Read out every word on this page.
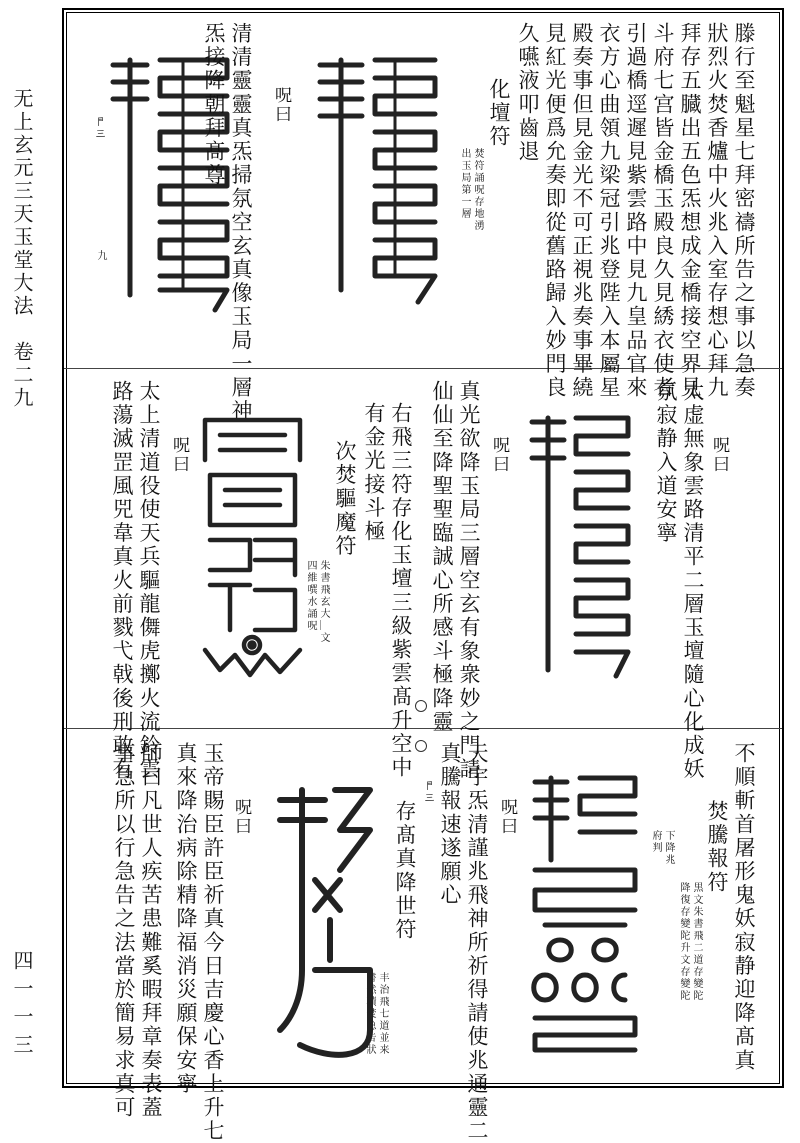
无上玄元三天玉堂大法　卷二九
四一一三
滕行至魁星七拜密禱所告之事以急奏
狀烈火焚香爐中火兆入室存想心拜九
拜存五臓出五色炁想成金橋接空界見
斗府七宫皆金橋玉殿良久見綉衣使者
引過橋逕遲見紫雲路中見九皇品官來
衣方心曲領九梁冠引兆登陛入本屬星
殿奏事但見金光不可正視兆奏事畢繞
見紅光便爲允奏即從舊路歸入妙門良
久嚥液叩齒退
化壇符
焚符誦呪存地湧
出玉局第一層
呪曰
𠁣三
九	清清靈靈真炁掃氛空玄真像玉局一層神
炁接降朝拜髙尊
呪曰
太虚無象雲路清平二層玉壇隨心化成妖
氛寂静入道安寧
呪曰
真光欲降玉局三層空玄有象衆妙之門請
仙仙至降聖聖臨誠心所感斗極降靈
右飛三符存化玉壇三級紫雲髙升空中
有金光接斗極
次焚驅魔符
朱書飛玄大＿文
四維噀水誦呪
呪曰
太上清道役使天兵驅龍儛虎擲火流鈴雲
路蕩滅罡風兕韋真火前戮弋戟後刑敢有
不順斬首屠形鬼妖寂静迎降髙真
焚騰報符
黒文朱書飛二道存變陀
降復存變陀升文存變陀
下降兆
府判
呪曰
天宇炁清謹兆飛神所祈得請使兆通靈二
真騰報速遂願心
𠁣三
存髙真降世符
丰治飛七道並来
書然積焚急告狀
呪曰
玉帝賜臣許臣祈真今日吉慶心香上升七
真來降治病除精降福消災願保安寧
師曰凡世人疾苦患難奚暇拜章奏表蓋
事急所以行急告之法當於簡易求真可
